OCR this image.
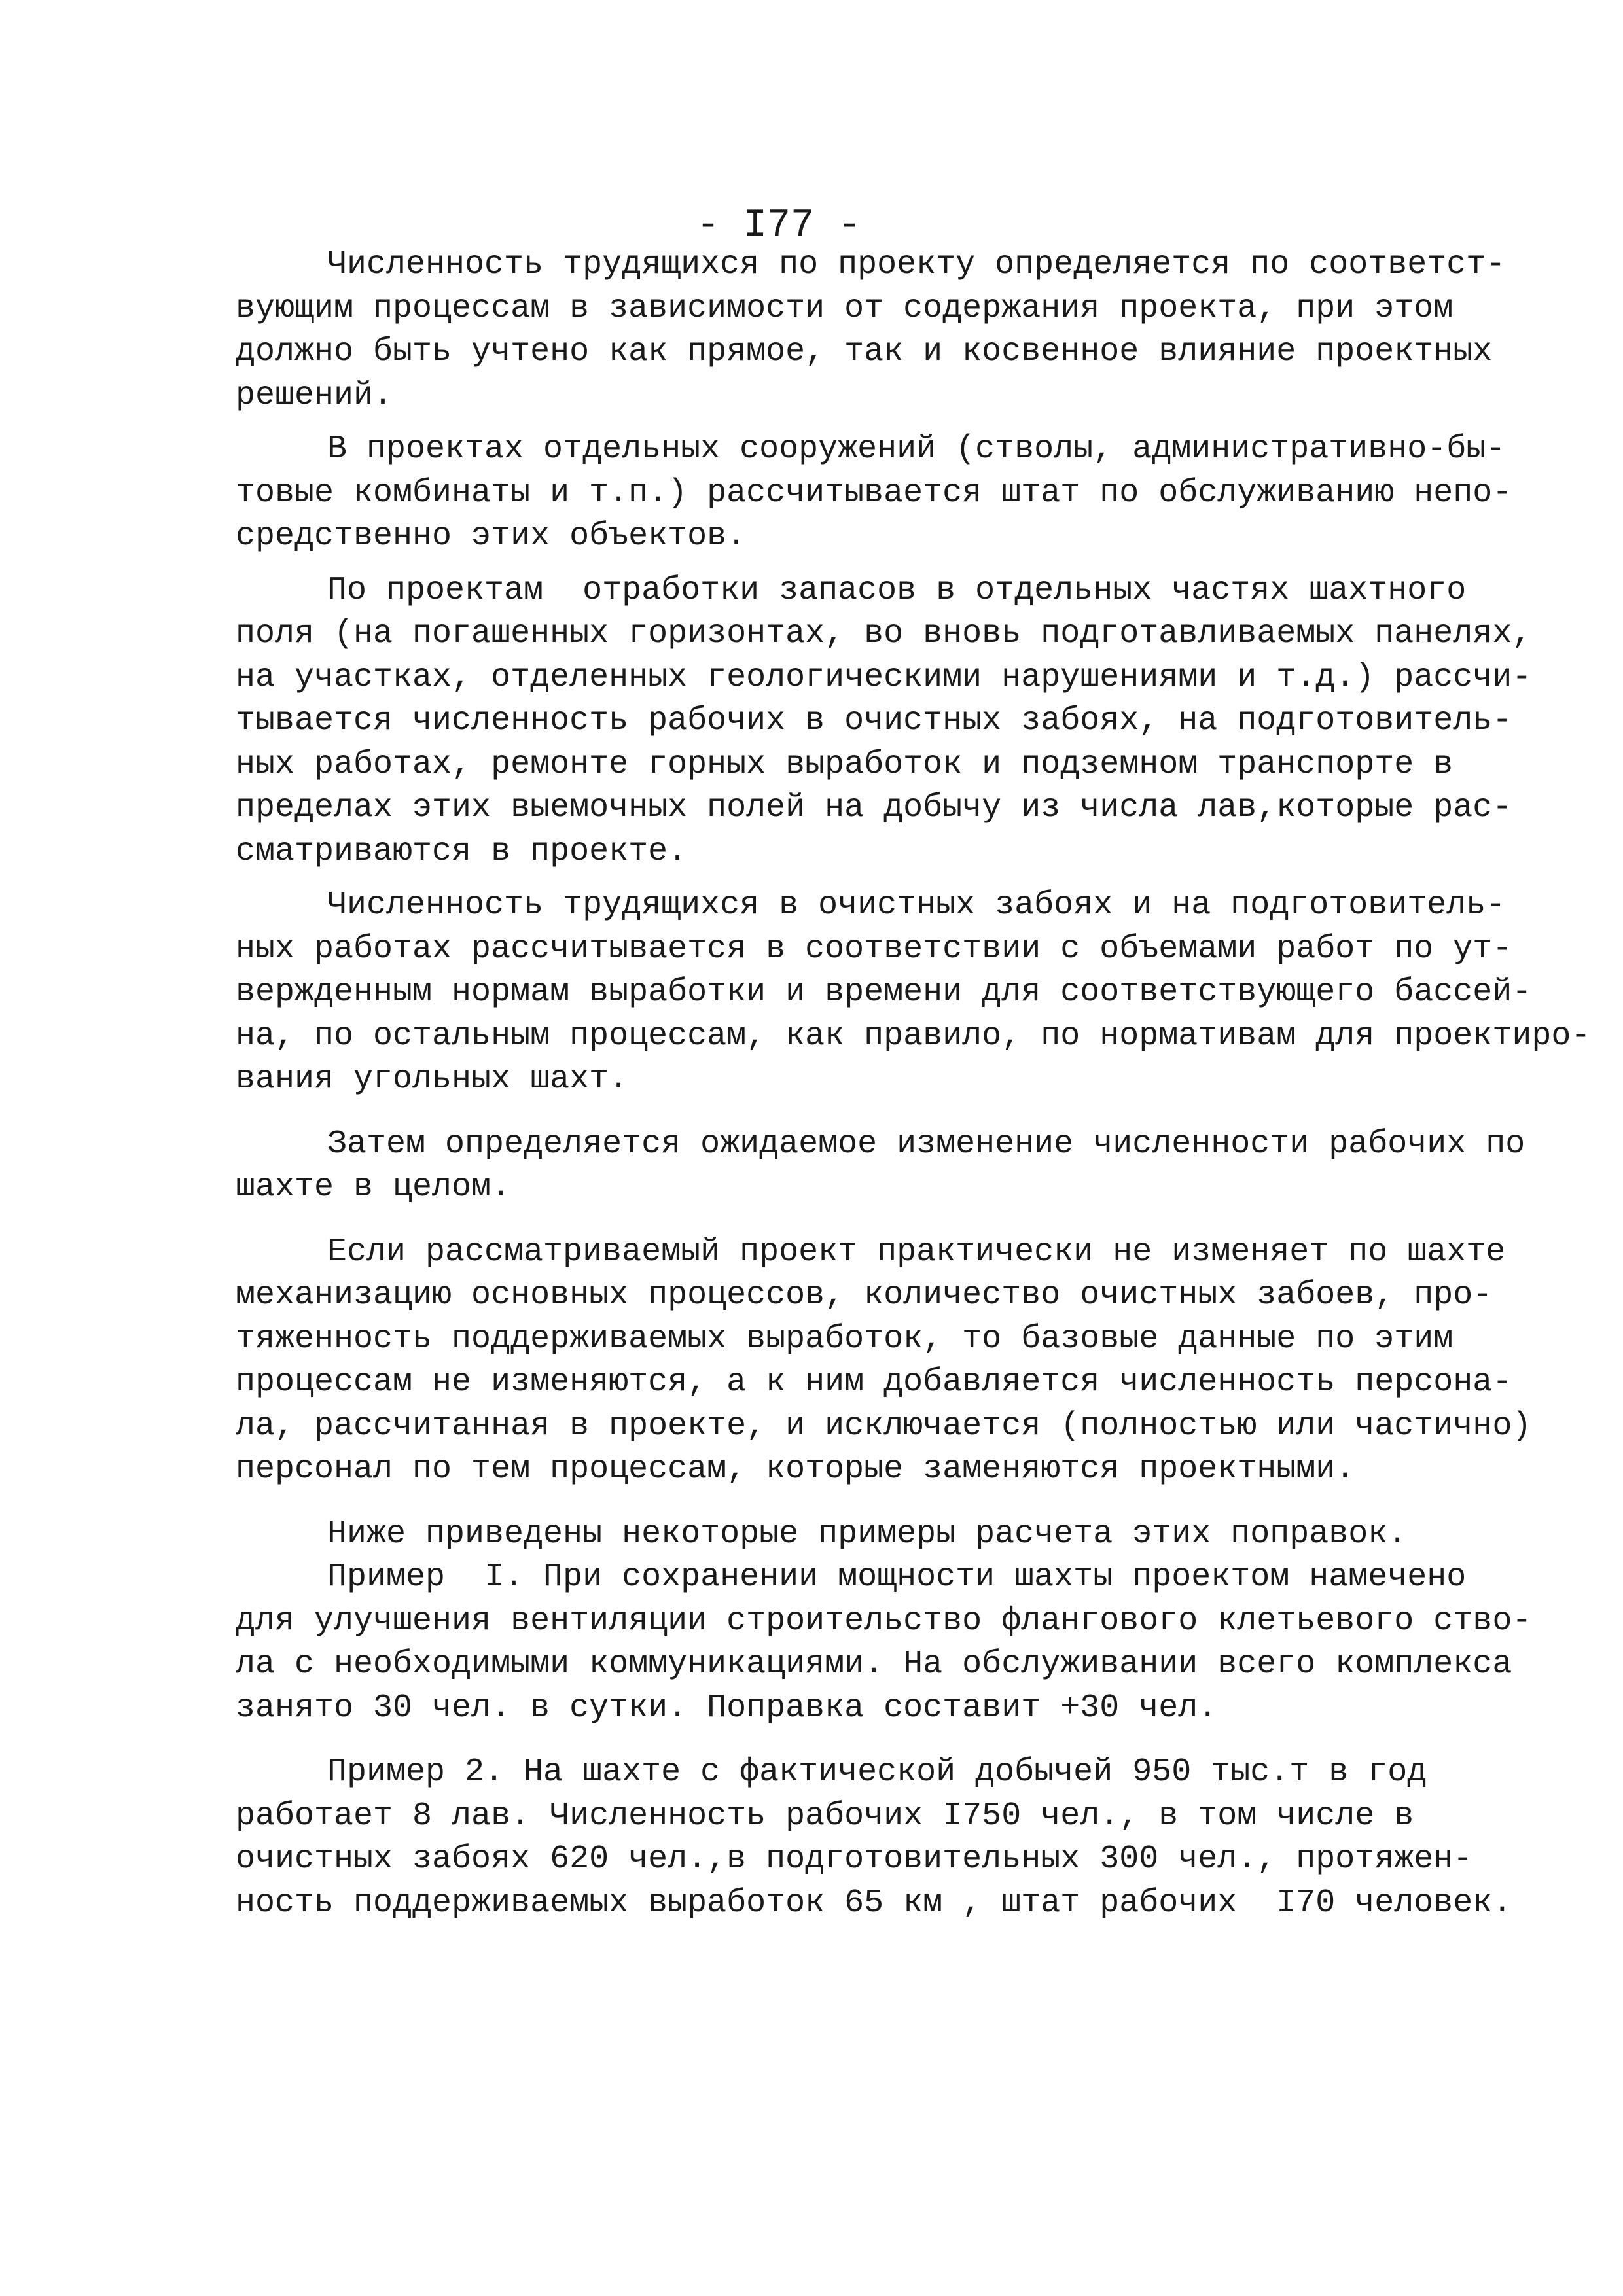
- I77 -
Численность трудящихся по проекту определяется по соответст-
вующим процессам в зависимости от содержания проекта, при этом
должно быть учтено как прямое, так и косвенное влияние проектных
решений.
В проектах отдельных сооружений (стволы, административно-бы-
товые комбинаты и т.п.) рассчитывается штат по обслуживанию непо-
средственно этих объектов.
По проектам  отработки запасов в отдельных частях шахтного
поля (на погашенных горизонтах, во вновь подготавливаемых панелях,
на участках, отделенных геологическими нарушениями и т.д.) рассчи-
тывается численность рабочих в очистных забоях, на подготовитель-
ных работах, ремонте горных выработок и подземном транспорте в
пределах этих выемочных полей на добычу из числа лав,которые рас-
сматриваются в проекте.
Численность трудящихся в очистных забоях и на подготовитель-
ных работах рассчитывается в соответствии с объемами работ по ут-
вержденным нормам выработки и времени для соответствующего бассей-
на, по остальным процессам, как правило, по нормативам для проектиро-
вания угольных шахт.
Затем определяется ожидаемое изменение численности рабочих по
шахте в целом.
Если рассматриваемый проект практически не изменяет по шахте
механизацию основных процессов, количество очистных забоев, про-
тяженность поддерживаемых выработок, то базовые данные по этим
процессам не изменяются, а к ним добавляется численность персона-
ла, рассчитанная в проекте, и исключается (полностью или частично)
персонал по тем процессам, которые заменяются проектными.
Ниже приведены некоторые примеры расчета этих поправок.
Пример  I. При сохранении мощности шахты проектом намечено
для улучшения вентиляции строительство флангового клетьевого ство-
ла с необходимыми коммуникациями. На обслуживании всего комплекса
занято 30 чел. в сутки. Поправка составит +30 чел.
Пример 2. На шахте с фактической добычей 950 тыс.т в год
работает 8 лав. Численность рабочих I750 чел., в том числе в
очистных забоях 620 чел.,в подготовительных 300 чел., протяжен-
ность поддерживаемых выработок 65 км , штат рабочих  I70 человек.
